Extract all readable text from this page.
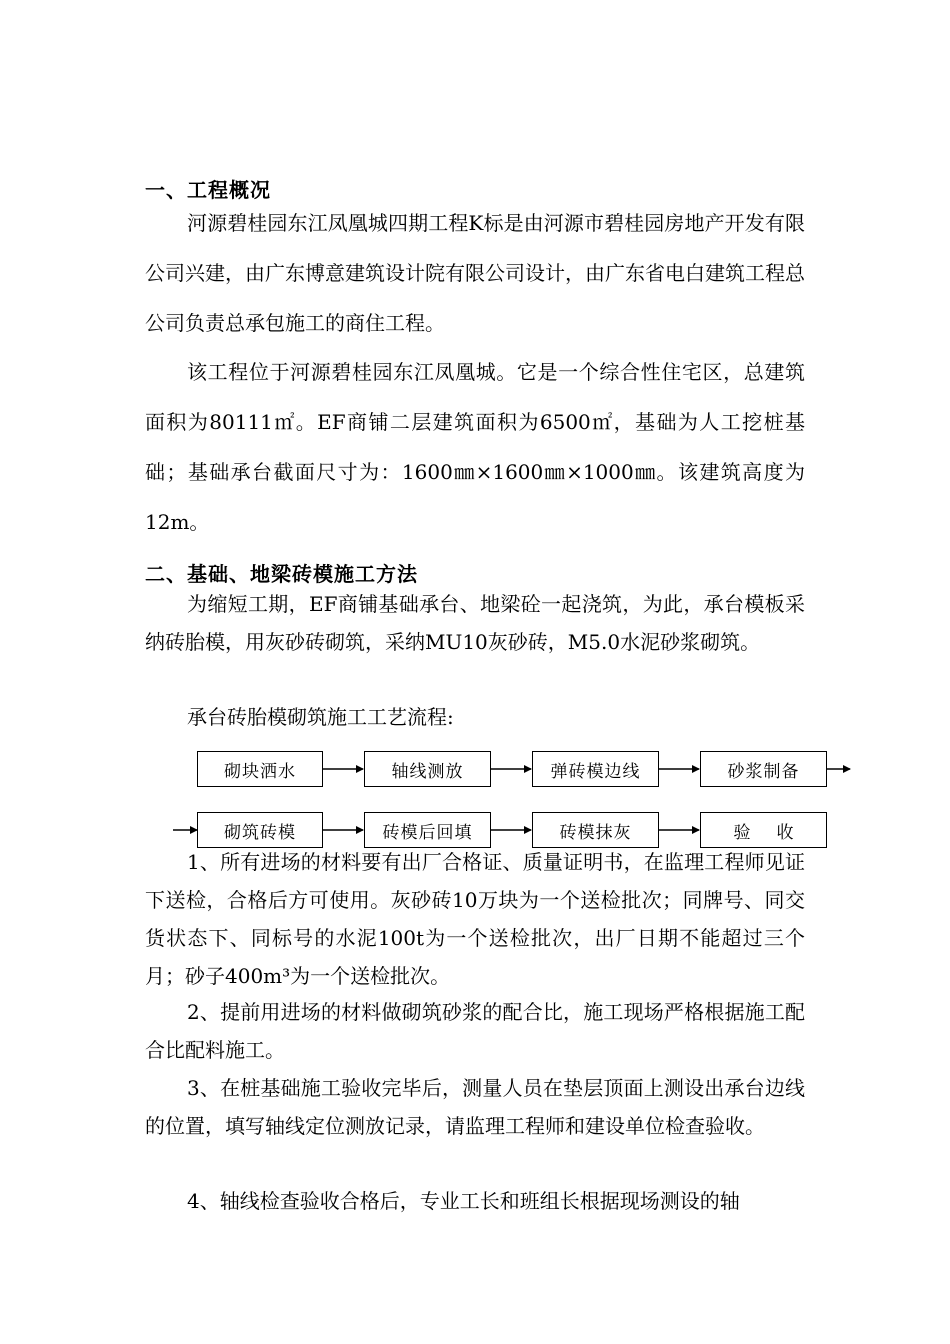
一、工程概况
河源碧桂园东江凤凰城四期工程K标是由河源市碧桂园房地产开发有限公司兴建，由广东博意建筑设计院有限公司设计，由广东省电白建筑工程总公司负责总承包施工的商住工程。
该工程位于河源碧桂园东江凤凰城。它是一个综合性住宅区，总建筑面积为80111㎡。EF商铺二层建筑面积为6500㎡，基础为人工挖桩基础；基础承台截面尺寸为：1600㎜×1600㎜×1000㎜。该建筑高度为12m。
二、基础、地梁砖模施工方法
为缩短工期，EF商铺基础承台、地梁砼一起浇筑，为此，承台模板采纳砖胎模，用灰砂砖砌筑，采纳MU10灰砂砖，M5.0水泥砂浆砌筑。
承台砖胎模砌筑施工工艺流程:
砌块洒水	轴线测放	弹砖模边线	砂浆制备
砌筑砖模	砖模后回填	砖模抹灰	验收
1、所有进场的材料要有出厂合格证、质量证明书，在监理工程师见证下送检，合格后方可使用。灰砂砖10万块为一个送检批次；同牌号、同交货状态下、同标号的水泥100t为一个送检批次，出厂日期不能超过三个月；砂子400m³为一个送检批次。
2、提前用进场的材料做砌筑砂浆的配合比，施工现场严格根据施工配合比配料施工。
3、在桩基础施工验收完毕后，测量人员在垫层顶面上测设出承台边线的位置，填写轴线定位测放记录，请监理工程师和建设单位检查验收。
4、轴线检查验收合格后，专业工长和班组长根据现场测设的轴
